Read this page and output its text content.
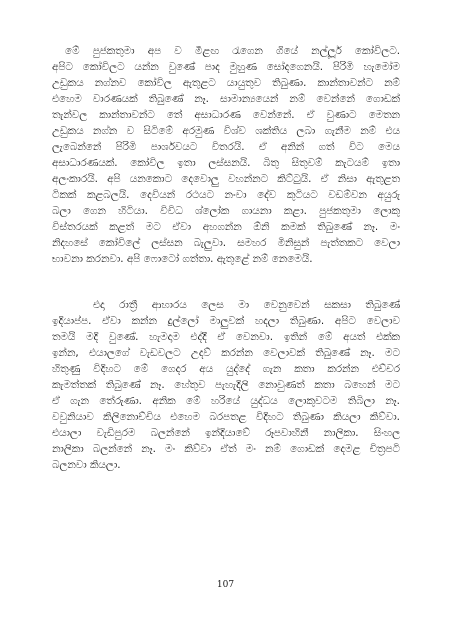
මේ පුජකතුමා අප ව මීළඟ රැගෙන ගියේ නල්ලූර් කෝවිලට.
අපිට කෝවිලට යන්න වුණේ පාද මුහුණ සෝදගෙනයි. පිරිමි හැමෝම
උඩුකය නග්නව කෝවිල ඇතුළට යායුතුව තිබුණා. කාන්තාවන්ට නම්
එහෙම වාරණයක් තිබුණේ නෑ. සාමාන්‍යයෙන් නම් වෙන්නේ ගොඩක්
තැන්වල කාන්තාවන්ට තේ අසාධාරණ වෙන්නේ. ඒ වුණාට මෙතන
උඩුකය නග්න ව සිටිමේ අරමුණ විශ්ව ශක්තිය ලබා ගැනීම නම් එය
ලැබෙන්නේ පිරිමි පාර්ශවයට විතරයි. ඒ අනින් ගත් විට මෙය
අසාධාරණයක්. කෝවිල ඉතා ලස්සනයි. බිතු සිතුවම් කැටයම් ඉතා
අලංකාරයි. අපි යනකොට දෙවොලු වහන්නට කිට්ටුයි. ඒ නිසා ඇතුළත
ටිකක් කළබලයි. දෙවියන් රථයට නංවා දේව කුටියට වඩම්වන අයුරු
බලා ගෙන හිටියා. විවිධ ශ්ලෝක ගායනා කළා. පුජකතුමා ලොකු
විස්තරයක් කළත් මට ඒවා අහගන්න ඕනි කමක් තිබුණේ නෑ. මං
නිදහසේ කෝවිලේ ලස්සන බැලුවා. සමහර මිනිසුන් පැත්තකට වෙලා
භාවනා කරනවා. අපි ෆොටෝ ගත්තා. ඇතුළේ නම් නෙමෙයි.
එදා රාත්‍රී ආහාරය ලෙස මා වෙනුවෙන් සකසා තිබුණේ
ඉදියාප්ප. ඒවා කන්න දුල්ලෝ මාලුවක් හදලා තිබුණා. අපිට වෙලාව
තමයි මදි වුණේ. හැමදාම එද්දී ඒ වෙනවා. ඉතින් මේ අයත් එක්ක
ඉන්න, එයාලගේ වැඩවලට උදව් කරන්න වෙලාවක් තිබුණේ නෑ. මට
හිතුණු විදිහට මේ ගෙදර අය යුද්දේ ගැන කතා කරන්න එච්චර
කැමත්තක් තිබුණේ නෑ. හේතුව පැහැදිලි නොවුණත් කතා බහෙන් මට
ඒ ගැන තේරුණා. අනික මේ හරියේ යුද්ධය ලොකුවටම තිබිලා නෑ.
වවුනියාව කිලිනොච්චිය එහෙම බරපතළ විදිහට තිබුණා කියලා කිව්වා.
එයාලා වැඩිපුරම බලන්නේ ඉන්දියාවේ රූපවාහිනී නාලිකා. සිංහල
නාලිකා බලන්නේ නෑ. මං කිව්වා ඒත් මං නම් ගොඩක් දෙමළ චිත්‍රපටි
බලනවා කියලා.
107
